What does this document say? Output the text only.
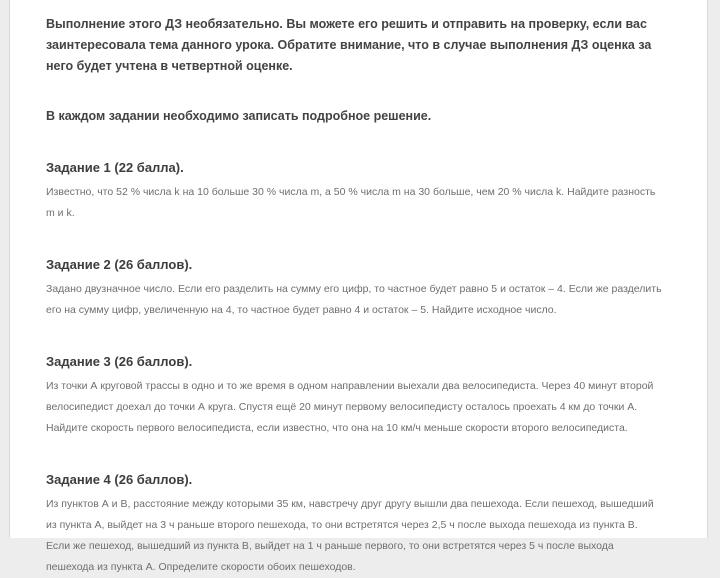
Выполнение этого ДЗ необязательно. Вы можете его решить и отправить на проверку, если вас заинтересовала тема данного урока. Обратите внимание, что в случае выполнения ДЗ оценка за него будет учтена в четвертной оценке.

В каждом задании необходимо записать подробное решение.

Задание 1 (22 балла).

Известно, что 52 % числа k на 10 больше 30 % числа m, а 50 % числа m на 30 больше, чем 20 % числа k. Найдите разность m и k.

Задание 2 (26 баллов).

Задано двузначное число. Если его разделить на сумму его цифр, то частное будет равно 5 и остаток – 4. Если же разделить его на сумму цифр, увеличенную на 4, то частное будет равно 4 и остаток – 5. Найдите исходное число.

Задание 3 (26 баллов).

Из точки А круговой трассы в одно и то же время в одном направлении выехали два велосипедиста. Через 40 минут второй велосипедист доехал до точки А круга. Спустя ещё 20 минут первому велосипедисту осталось проехать 4 км до точки А. Найдите скорость первого велосипедиста, если известно, что она на 10 км/ч меньше скорости второго велосипедиста.

Задание 4 (26 баллов).

Из пунктов А и В, расстояние между которыми 35 км, навстречу друг другу вышли два пешехода. Если пешеход, вышедший из пункта А, выйдет на 3 ч раньше второго пешехода, то они встретятся через 2,5 ч после выхода пешехода из пункта В. Если же пешеход, вышедший из пункта В, выйдет на 1 ч раньше первого, то они встретятся через 5 ч после выхода пешехода из пункта А. Определите скорости обоих пешеходов.
